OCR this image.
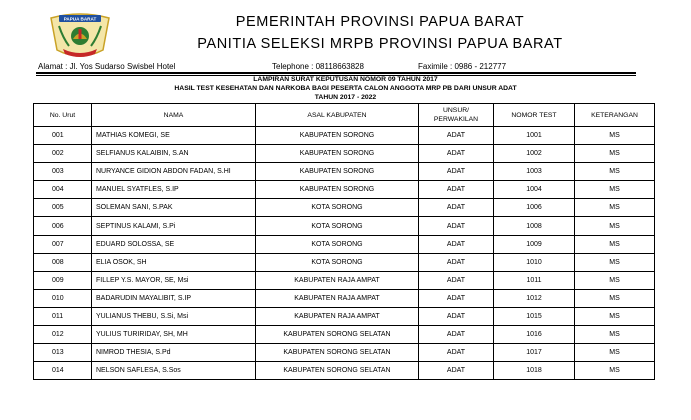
PAPUA BARAT	PEMERINTAH PROVINSI PAPUA BARAT
PANITIA SELEKSI MRPB PROVINSI PAPUA BARAT
Alamat : Jl. Yos Sudarso Swisbel Hotel	Telephone : 08118663828	Faximile : 0986 - 212777
LAMPIRAN SURAT KEPUTUSAN NOMOR 09 TAHUN 2017
HASIL TEST KESEHATAN DAN NARKOBA BAGI PESERTA CALON ANGGOTA MRP PB DARI UNSUR ADAT
TAHUN 2017 - 2022
No. Urut	NAMA	ASAL KABUPATEN	UNSUR/ PERWAKILAN	NOMOR TEST	KETERANGAN
001	MATHIAS KOMEGI, SE	KABUPATEN SORONG	ADAT	1001	MS
002	SELFIANUS KALAIBIN, S.AN	KABUPATEN SORONG	ADAT	1002	MS
003	NURYANCE GIDION ABDON FADAN, S.HI	KABUPATEN SORONG	ADAT	1003	MS
004	MANUEL SYATFLES, S.IP	KABUPATEN SORONG	ADAT	1004	MS
005	SOLEMAN SANI, S.PAK	KOTA SORONG	ADAT	1006	MS
006	SEPTINUS KALAMI, S.Pi	KOTA SORONG	ADAT	1008	MS
007	EDUARD SOLOSSA, SE	KOTA SORONG	ADAT	1009	MS
008	ELIA OSOK, SH	KOTA SORONG	ADAT	1010	MS
009	FILLEP Y.S. MAYOR, SE, Msi	KABUPATEN RAJA AMPAT	ADAT	1011	MS
010	BADARUDIN MAYALIBIT, S.IP	KABUPATEN RAJA AMPAT	ADAT	1012	MS
011	YULIANUS THEBU, S.Si, Msi	KABUPATEN RAJA AMPAT	ADAT	1015	MS
012	YULIUS TURIRIDAY, SH, MH	KABUPATEN SORONG SELATAN	ADAT	1016	MS
013	NIMROD THESIA, S.Pd	KABUPATEN SORONG SELATAN	ADAT	1017	MS
014	NELSON SAFLESA, S.Sos	KABUPATEN SORONG SELATAN	ADAT	1018	MS
